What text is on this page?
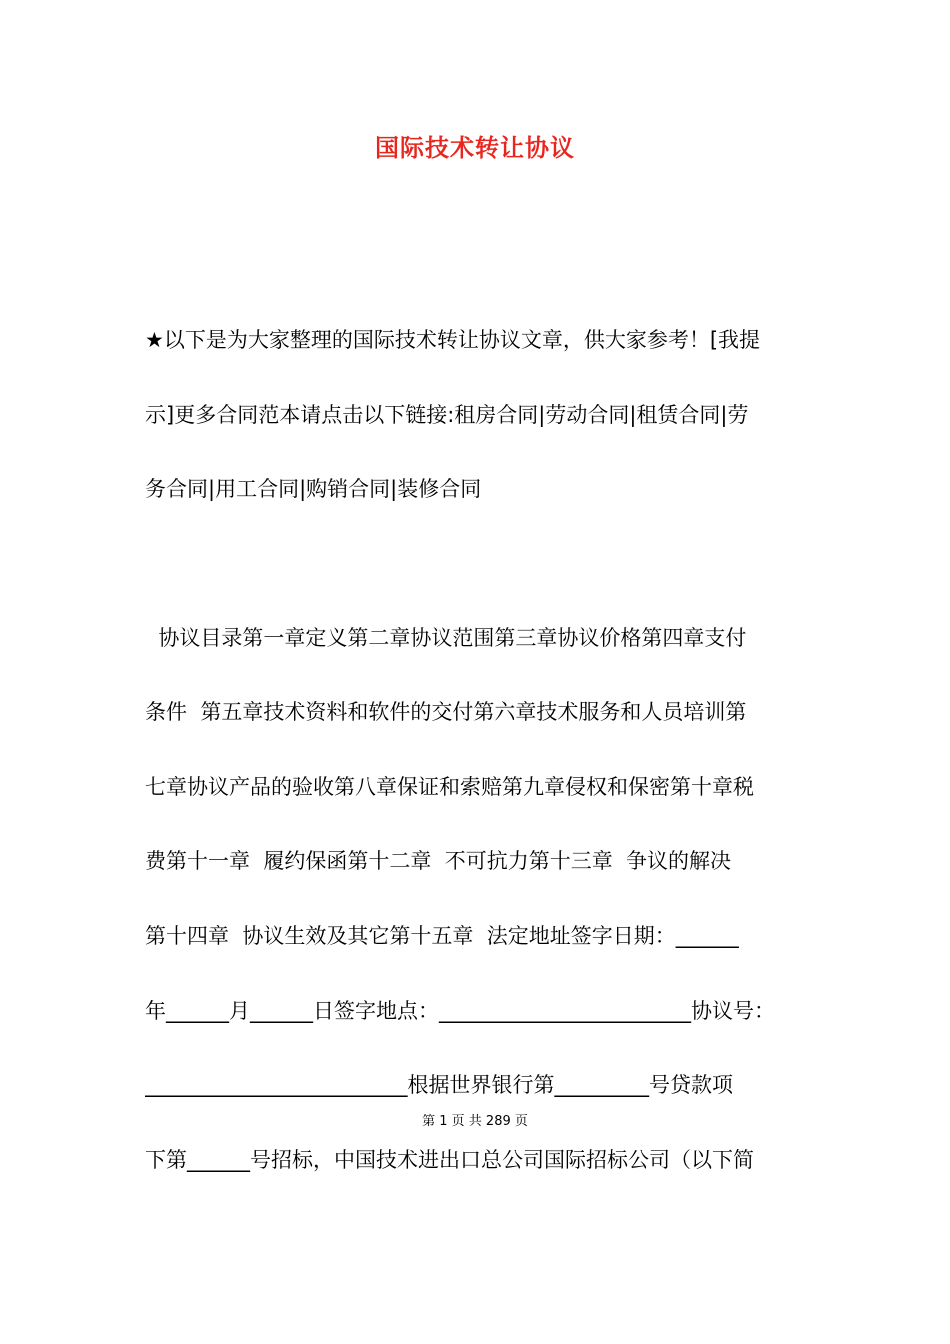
国际技术转让协议
★以下是为大家整理的国际技术转让协议文章，供大家参考！[我提
示]更多合同范本请点击以下链接:租房合同|劳动合同|租赁合同|劳
务合同|用工合同|购销合同|装修合同
协议目录第一章定义第二章协议范围第三章协议价格第四章支付
条件  第五章技术资料和软件的交付第六章技术服务和人员培训第
七章协议产品的验收第八章保证和索赔第九章侵权和保密第十章税
费第十一章  履约保函第十二章  不可抗力第十三章  争议的解决
第十四章  协议生效及其它第十五章  法定地址签字日期：______
年______月______日签字地点：________________________协议号：
_________________________根据世界银行第_________号贷款项
第 1 页 共 289 页
下第______号招标，中国技术进出口总公司国际招标公司（以下简
